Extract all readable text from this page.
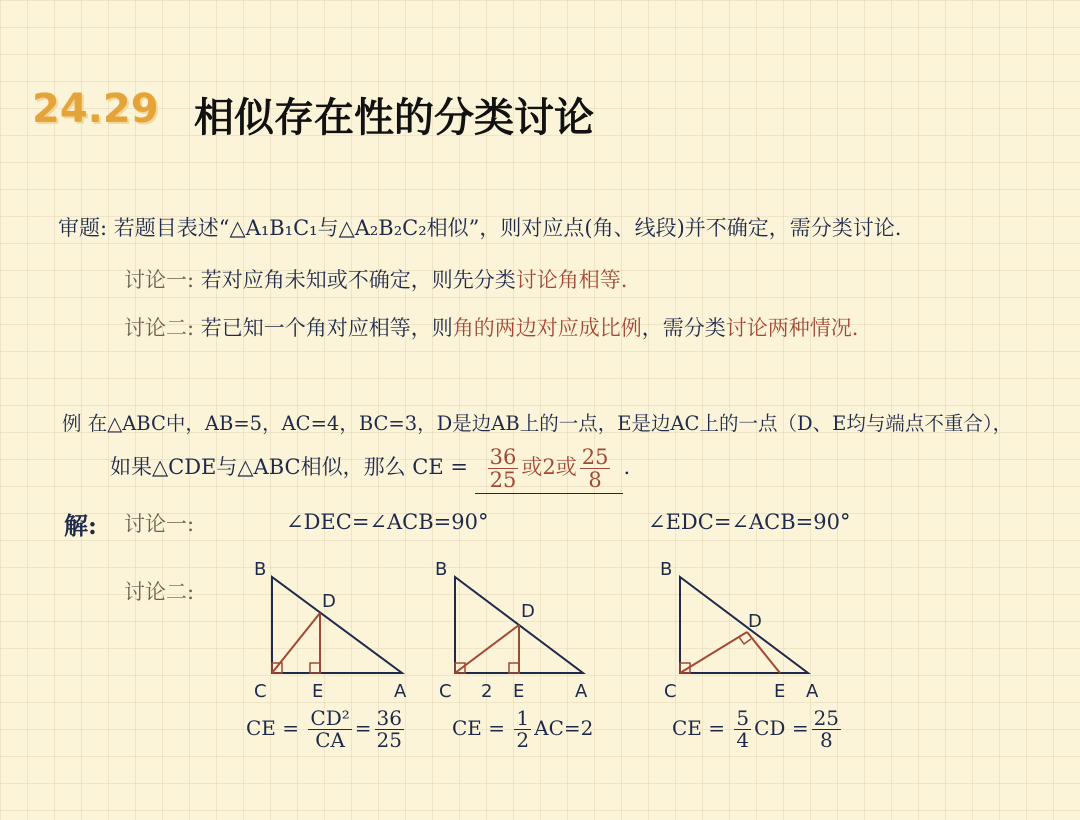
24.29 相似存在性的分类讨论
审题: 若题目表述“△A₁B₁C₁与△A₂B₂C₂相似”，则对应点(角、线段)并不确定，需分类讨论.
讨论一: 若对应角未知或不确定，则先分类讨论角相等.
讨论二: 若已知一个角对应相等，则角的两边对应成比例，需分类讨论两种情况.
例 在△ABC中，AB=5，AC=4，BC=3，D是边AB上的一点，E是边AC上的一点（D、E均与端点不重合），
如果△CDE与△ABC相似，那么 CE = $\frac{36}{25}$ 或2或 $\frac{25}{8}$ .
解: 讨论一:	∠DEC=∠ACB=90°	∠EDC=∠ACB=90°
讨论二:
B
C	A
D
E
B
C	A
D
E
2
B
C	A
D
E
CE = $\frac{\text{CD²}}{CA} = \frac{36}{25}$ CE = $\frac{1}{2} AC=2$	CE = $\frac{5}{4}$ CD = $\frac{25}{8}$
